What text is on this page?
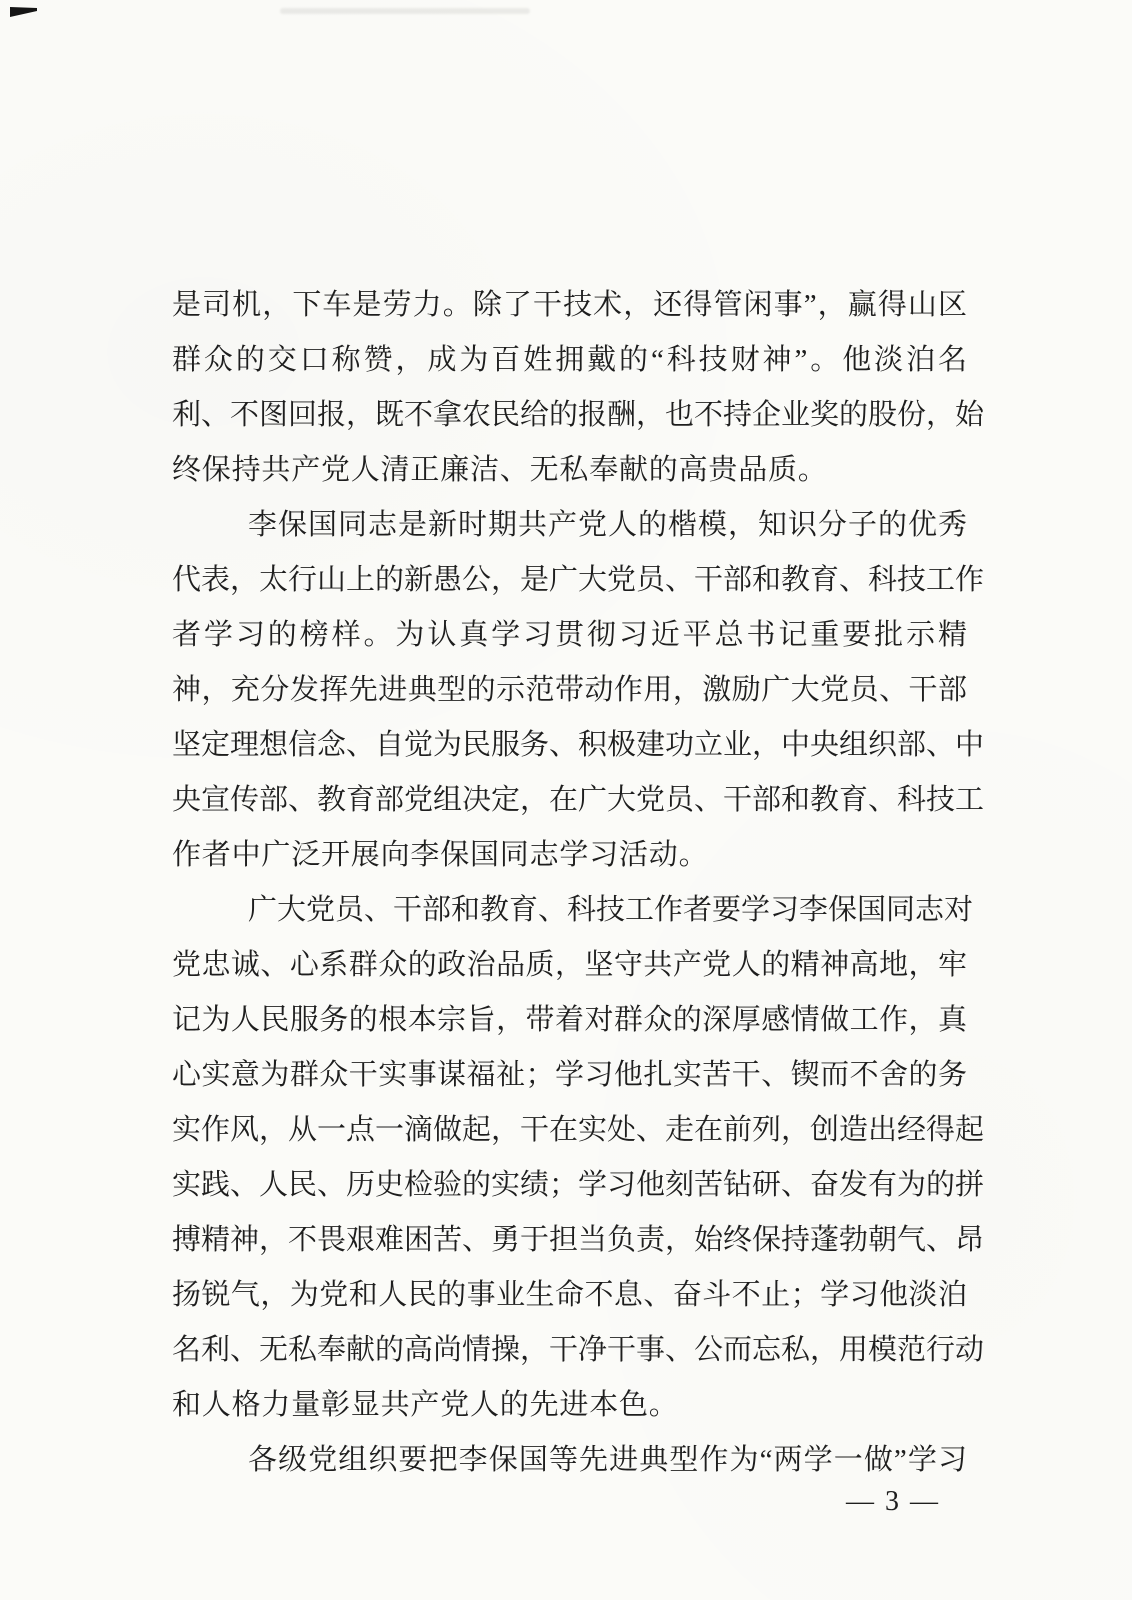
是司机，下车是劳力。除了干技术，还得管闲事”，赢得山区
群众的交口称赞，成为百姓拥戴的“科技财神”。他淡泊名
利、不图回报，既不拿农民给的报酬，也不持企业奖的股份，始
终保持共产党人清正廉洁、无私奉献的高贵品质。
李保国同志是新时期共产党人的楷模，知识分子的优秀
代表，太行山上的新愚公，是广大党员、干部和教育、科技工作
者学习的榜样。为认真学习贯彻习近平总书记重要批示精
神，充分发挥先进典型的示范带动作用，激励广大党员、干部
坚定理想信念、自觉为民服务、积极建功立业，中央组织部、中
央宣传部、教育部党组决定，在广大党员、干部和教育、科技工
作者中广泛开展向李保国同志学习活动。
广大党员、干部和教育、科技工作者要学习李保国同志对
党忠诚、心系群众的政治品质，坚守共产党人的精神高地，牢
记为人民服务的根本宗旨，带着对群众的深厚感情做工作，真
心实意为群众干实事谋福祉；学习他扎实苦干、锲而不舍的务
实作风，从一点一滴做起，干在实处、走在前列，创造出经得起
实践、人民、历史检验的实绩；学习他刻苦钻研、奋发有为的拼
搏精神，不畏艰难困苦、勇于担当负责，始终保持蓬勃朝气、昂
扬锐气，为党和人民的事业生命不息、奋斗不止；学习他淡泊
名利、无私奉献的高尚情操，干净干事、公而忘私，用模范行动
和人格力量彰显共产党人的先进本色。
各级党组织要把李保国等先进典型作为“两学一做”学习
— 3 —
